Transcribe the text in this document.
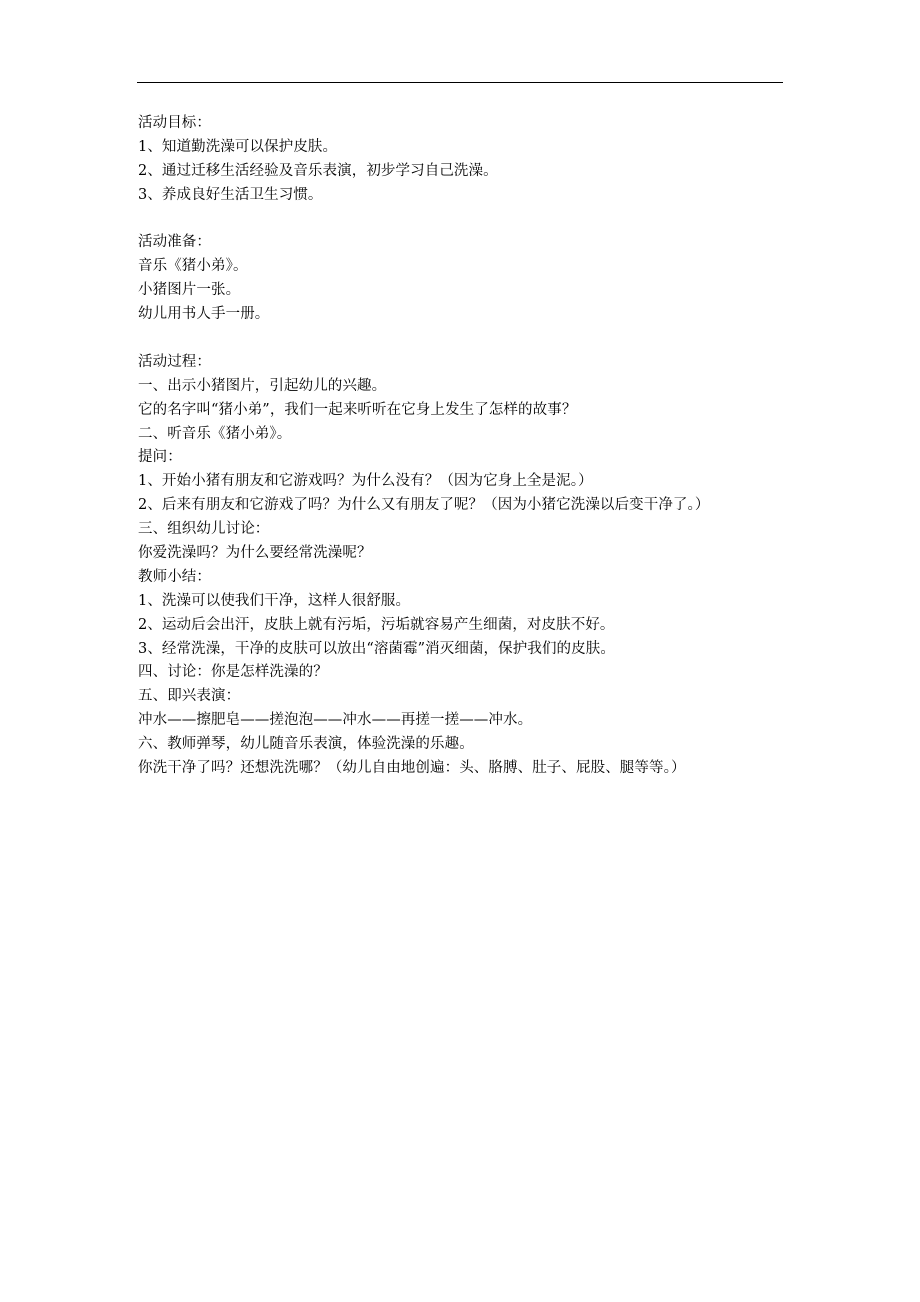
活动目标：
1、知道勤洗澡可以保护皮肤。
2、通过迁移生活经验及音乐表演，初步学习自己洗澡。
3、养成良好生活卫生习惯。
活动准备：
音乐《猪小弟》。
小猪图片一张。
幼儿用书人手一册。
活动过程：
一、出示小猪图片，引起幼儿的兴趣。
它的名字叫“猪小弟”，我们一起来听听在它身上发生了怎样的故事？
二、听音乐《猪小弟》。
提问：
1、开始小猪有朋友和它游戏吗？为什么没有？（因为它身上全是泥。）
2、后来有朋友和它游戏了吗？为什么又有朋友了呢？（因为小猪它洗澡以后变干净了。）
三、组织幼儿讨论：
你爱洗澡吗？为什么要经常洗澡呢？
教师小结：
1、洗澡可以使我们干净，这样人很舒服。
2、运动后会出汗，皮肤上就有污垢，污垢就容易产生细菌，对皮肤不好。
3、经常洗澡，干净的皮肤可以放出“溶菌霉”消灭细菌，保护我们的皮肤。
四、讨论：你是怎样洗澡的？
五、即兴表演：
冲水——擦肥皂——搓泡泡——冲水——再搓一搓——冲水。
六、教师弹琴，幼儿随音乐表演，体验洗澡的乐趣。
你洗干净了吗？还想洗洗哪？（幼儿自由地创遍：头、胳膊、肚子、屁股、腿等等。）
